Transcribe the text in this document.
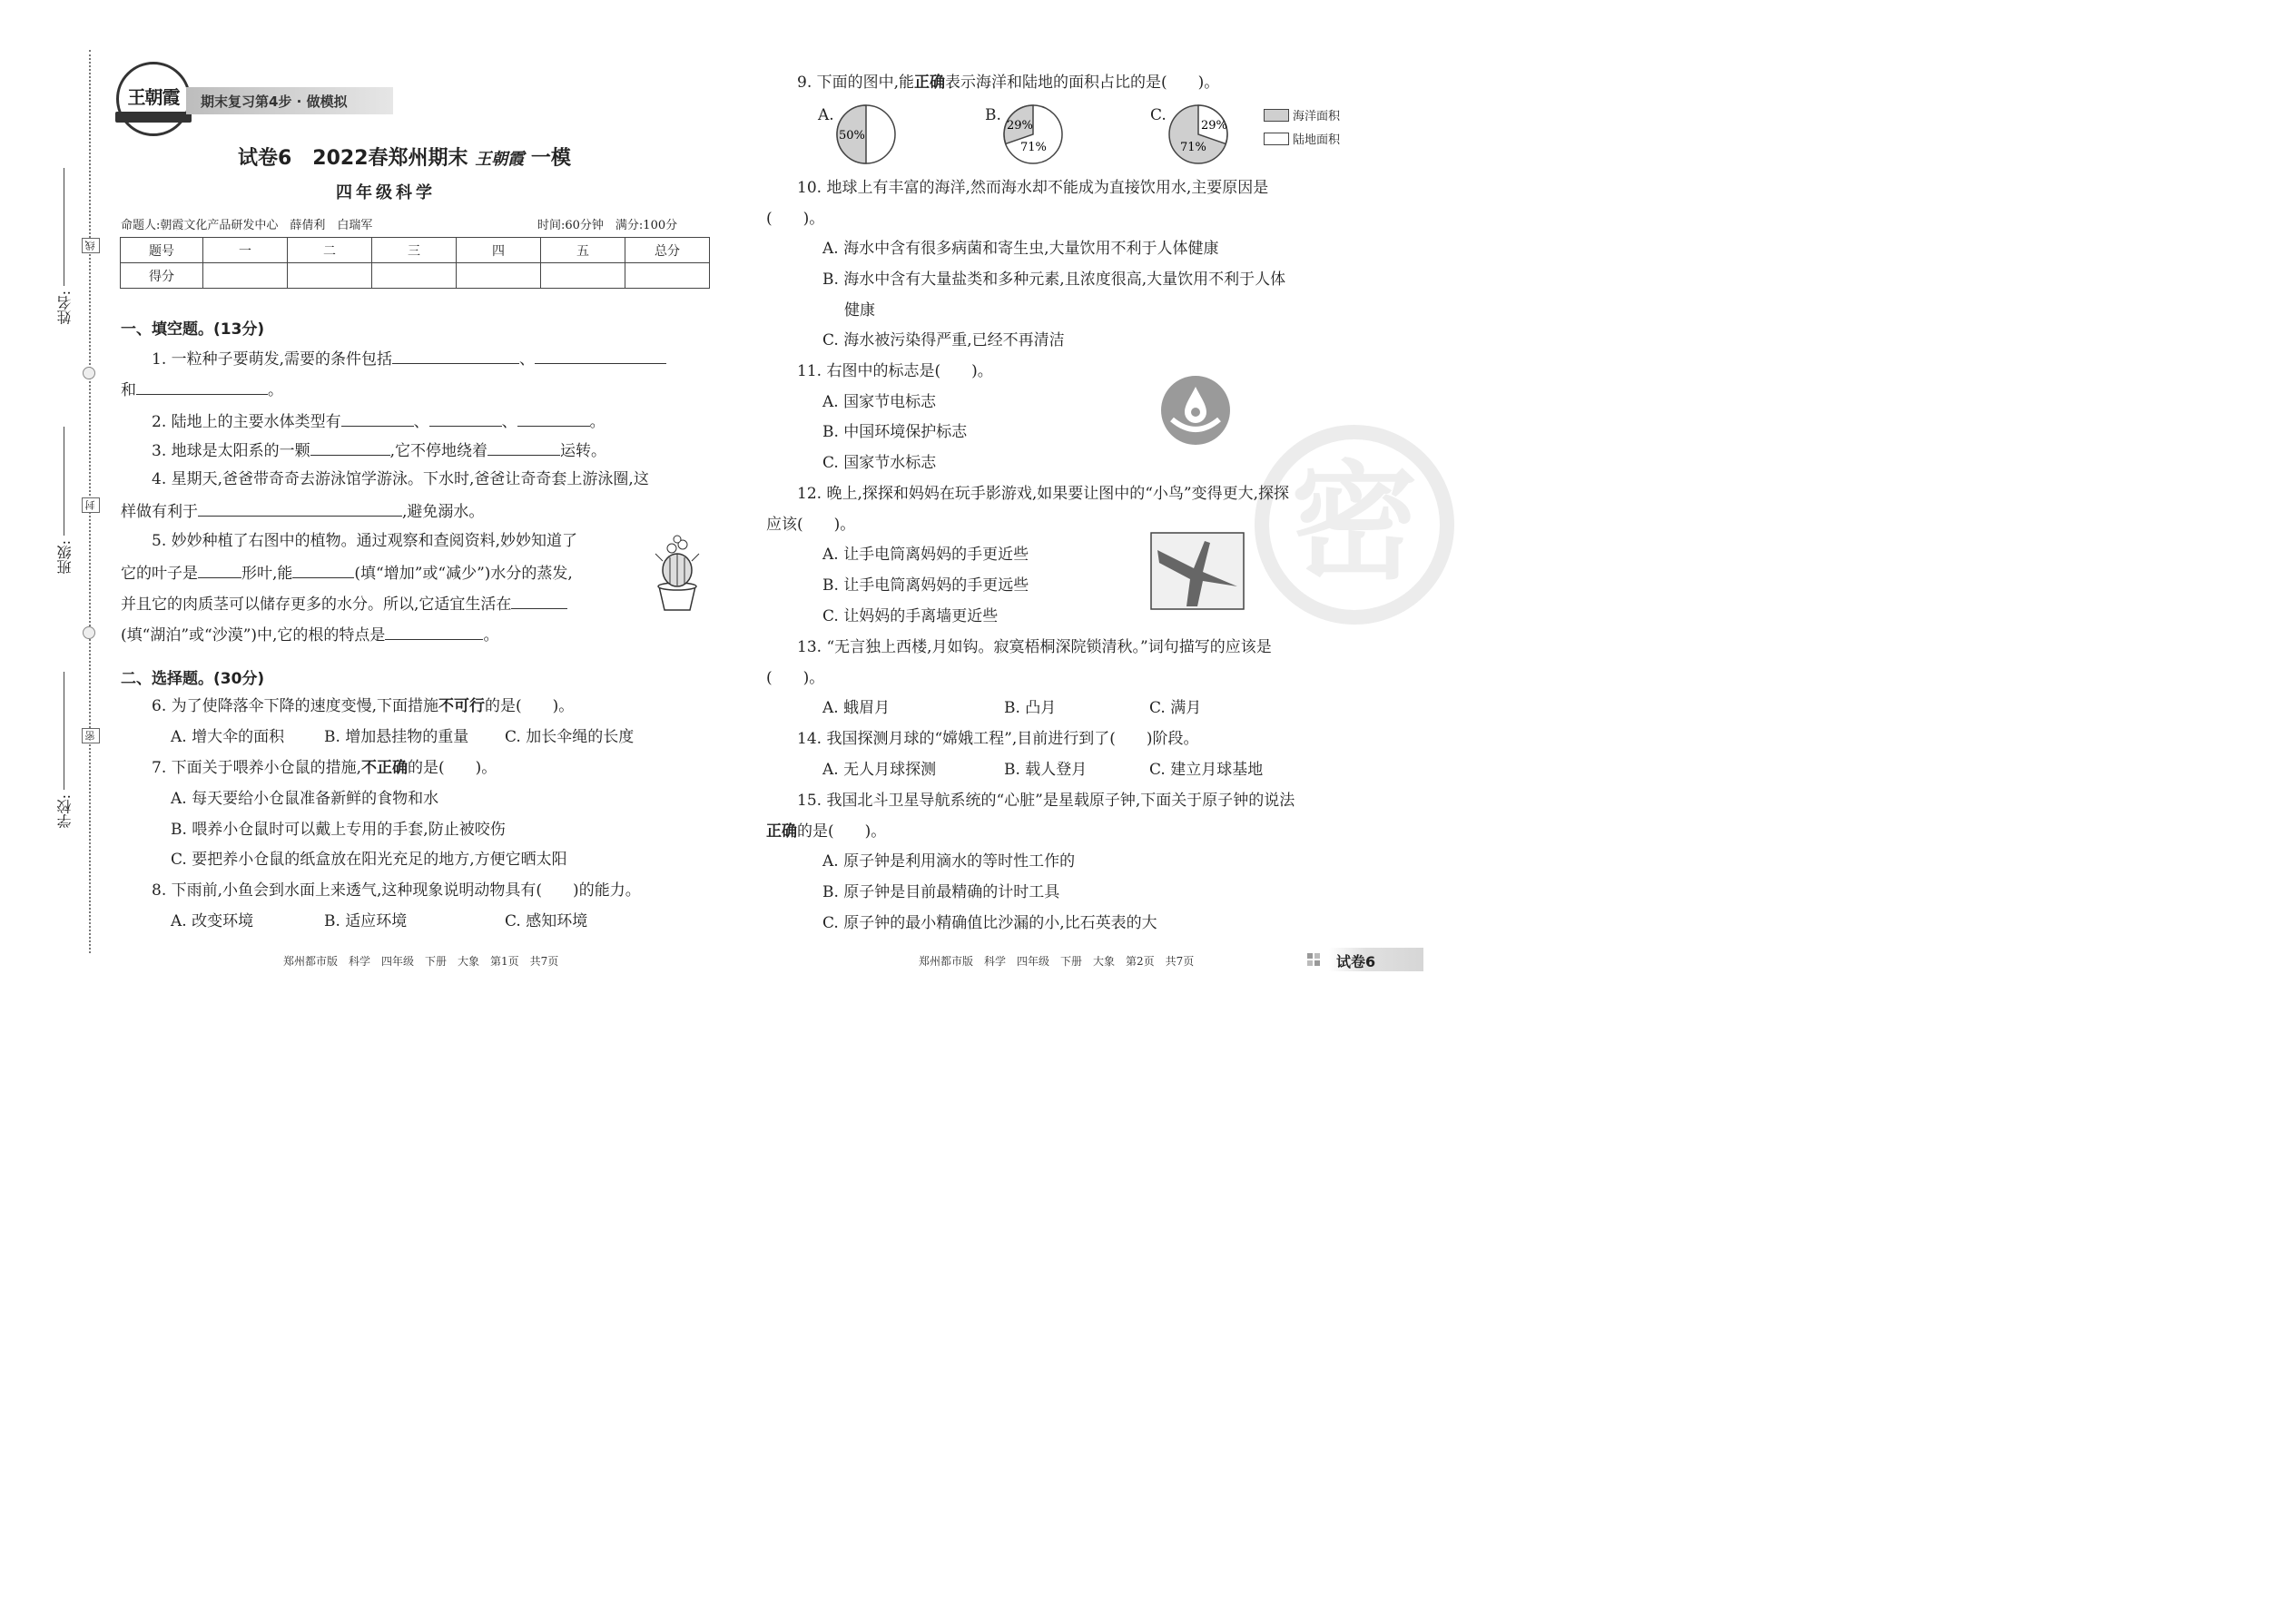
姓名:
线
班级:
封
学校:
密
王朝霞	期末复习第4步 · 做模拟
试卷6 2022春郑州期末 王朝霞 一模
四年级科学
命题人:朝霞文化产品研发中心　薛倩利　白瑞军	时间:60分钟　满分:100分
题号	一	二	三	四	五	总分
得分						
一、填空题。(13分)
1. 一粒种子要萌发,需要的条件包括	、
和	。
2. 陆地上的主要水体类型有	、	、	。
3. 地球是太阳系的一颗	,它不停地绕着	运转。
4. 星期天,爸爸带奇奇去游泳馆学游泳。下水时,爸爸让奇奇套上游泳圈,这
样做有利于	,避免溺水。
5. 妙妙种植了右图中的植物。通过观察和查阅资料,妙妙知道了
它的叶子是	形叶,能	(填“增加”或“减少”)水分的蒸发,
并且它的肉质茎可以储存更多的水分。所以,它适宜生活在
(填“湖泊”或“沙漠”)中,它的根的特点是	。
二、选择题。(30分)
6. 为了使降落伞下降的速度变慢,下面措施不可行的是(　　)。
A. 增大伞的面积	B. 增加悬挂物的重量 C. 加长伞绳的长度
7. 下面关于喂养小仓鼠的措施,不正确的是(　　)。
A. 每天要给小仓鼠准备新鲜的食物和水
B. 喂养小仓鼠时可以戴上专用的手套,防止被咬伤
C. 要把养小仓鼠的纸盒放在阳光充足的地方,方便它晒太阳
8. 下雨前,小鱼会到水面上来透气,这种现象说明动物具有(　　)的能力。
A. 改变环境	B. 适应环境	C. 感知环境
郑州都市版　科学　四年级　下册　大象　第1页　共7页
密
9. 下面的图中,能正确表示海洋和陆地的面积占比的是(　　)。
A.
50%
B.
29%
71%
C.
29%
71%
海洋面积
陆地面积
10. 地球上有丰富的海洋,然而海水却不能成为直接饮用水,主要原因是
(　　)。
A. 海水中含有很多病菌和寄生虫,大量饮用不利于人体健康
B. 海水中含有大量盐类和多种元素,且浓度很高,大量饮用不利于人体
健康
C. 海水被污染得严重,已经不再清洁
11. 右图中的标志是(　　)。
A. 国家节电标志
B. 中国环境保护标志
C. 国家节水标志
12. 晚上,探探和妈妈在玩手影游戏,如果要让图中的“小鸟”变得更大,探探
应该(　　)。
A. 让手电筒离妈妈的手更近些
B. 让手电筒离妈妈的手更远些
C. 让妈妈的手离墙更近些
13. “无言独上西楼,月如钩。寂寞梧桐深院锁清秋。”词句描写的应该是
(　　)。
A. 蛾眉月	B. 凸月	C. 满月
14. 我国探测月球的“嫦娥工程”,目前进行到了(　　)阶段。
A. 无人月球探测	B. 载人登月	C. 建立月球基地
15. 我国北斗卫星导航系统的“心脏”是星载原子钟,下面关于原子钟的说法
正确的是(　　)。
A. 原子钟是利用滴水的等时性工作的
B. 原子钟是目前最精确的计时工具
C. 原子钟的最小精确值比沙漏的小,比石英表的大
郑州都市版　科学　四年级　下册　大象　第2页　共7页	试卷6
